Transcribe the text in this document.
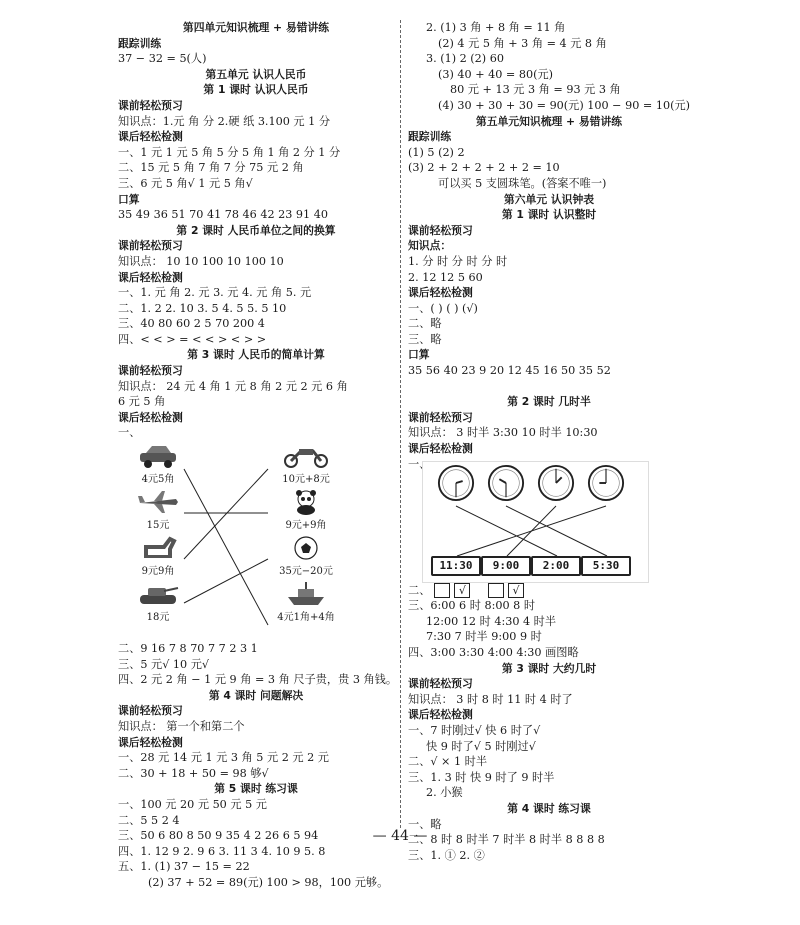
第四单元知识梳理 + 易错讲练
跟踪训练
37 − 32 = 5(人)
第五单元 认识人民币
第 1 课时 认识人民币
课前轻松预习
知识点：1.元 角 分 2.硬 纸 3.100 元 1 分
课后轻松检测
一、1 元 1 元 5 角 5 分 5 角 1 角 2 分 1 分
二、15 元 5 角 7 角 7 分 75 元 2 角
三、6 元 5 角√ 1 元 5 角√
口算
35 49 36 51 70 41 78 46 42 23 91 40
第 2 课时 人民币单位之间的换算
课前轻松预习
知识点： 10 10 100 10 100 10
课后轻松检测
一、1. 元 角 2. 元 3. 元 4. 元 角 5. 元
二、1. 2 2. 10 3. 5 4. 5 5. 5 10
三、40 80 60 2 5 70 200 4
四、< < > = < < > < > >
第 3 课时 人民币的简单计算
课前轻松预习
知识点： 24 元 4 角 1 元 8 角 2 元 2 元 6 角
6 元 5 角
课后轻松检测
一、
4元5角
15元
9元9角
18元
10元+8元
9元+9角
35元−20元
4元1角+4角
二、9 16 7 8 70 7 7 2 3 1
三、5 元√ 10 元√
四、2 元 2 角 − 1 元 9 角 = 3 角 尺子贵，贵 3 角钱。
第 4 课时 问题解决
课前轻松预习
知识点： 第一个和第二个
课后轻松检测
一、28 元 14 元 1 元 3 角 5 元 2 元 2 元
二、30 + 18 + 50 = 98 够√
第 5 课时 练习课
一、100 元 20 元 50 元 5 元
二、5 5 2 4
三、50 6 80 8 50 9 35 4 2 26 6 5 94
四、1. 12 9 2. 9 6 3. 11 3 4. 10 9 5. 8
五、1. (1) 37 − 15 = 22
(2) 37 + 52 = 89(元) 100 > 98，100 元够。
2. (1) 3 角 + 8 角 = 11 角
(2) 4 元 5 角 + 3 角 = 4 元 8 角
3. (1) 2 (2) 60
(3) 40 + 40 = 80(元)
80 元 + 13 元 3 角 = 93 元 3 角
(4) 30 + 30 + 30 = 90(元) 100 − 90 = 10(元)
第五单元知识梳理 + 易错讲练
跟踪训练
(1) 5 (2) 2
(3) 2 + 2 + 2 + 2 + 2 = 10
可以买 5 支圆珠笔。(答案不唯一)
第六单元 认识钟表
第 1 课时 认识整时
课前轻松预习
知识点：
1. 分 时 分 时 分 时
2. 12 12 5 60
课后轻松检测
一、( ) ( ) (√)
二、略
三、略
口算
35 56 40 23 9 20 12 45 16 50 35 52
第 2 课时 几时半
课前轻松预习
知识点： 3 时半 3:30 10 时半 10:30
课后轻松检测
一、
11:30	9:00	2:00	5:30
二、	√	√
三、6:00 6 时 8:00 8 时
12:00 12 时 4:30 4 时半
7:30 7 时半 9:00 9 时
四、3:00 3:30 4:00 4:30 画图略
第 3 课时 大约几时
课前轻松预习
知识点： 3 时 8 时 11 时 4 时了
课后轻松检测
一、7 时刚过√ 快 6 时了√
快 9 时了√ 5 时刚过√
二、√ × 1 时半
三、1. 3 时 快 9 时了 9 时半
2. 小猴
第 4 课时 练习课
一、略
二、8 时 8 时半 7 时半 8 时半 8 8 8 8
三、1. ① 2. ②
— 44 —
